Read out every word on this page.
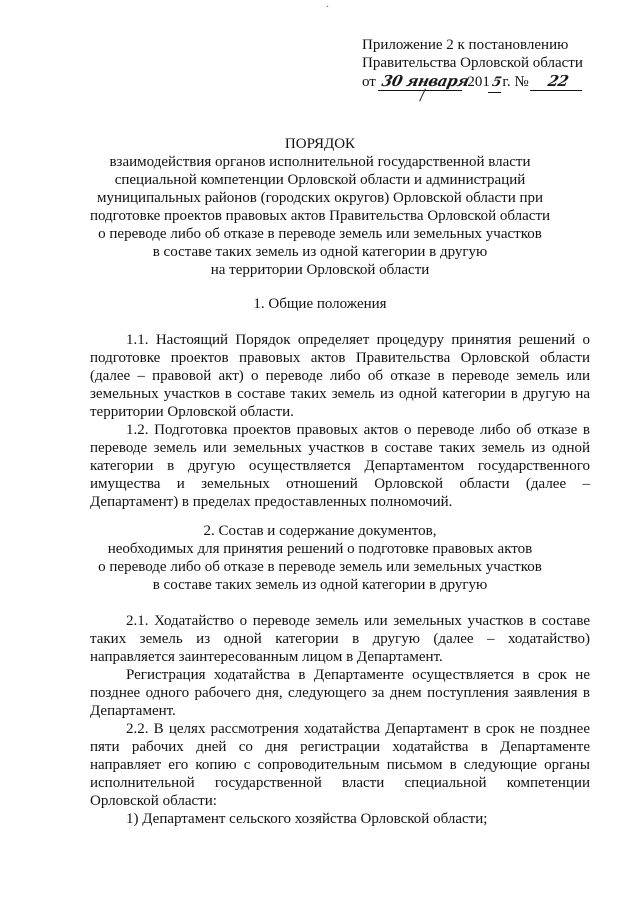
·
Приложение 2 к постановлению
Правительства Орловской области
от 30 января 2015г. № 22
ПОРЯДОК
взаимодействия органов исполнительной государственной власти
специальной компетенции Орловской области и администраций
муниципальных районов (городских округов) Орловской области при
подготовке проектов правовых актов Правительства Орловской области
о переводе либо об отказе в переводе земель или земельных участков
в составе таких земель из одной категории в другую
на территории Орловской области
1. Общие положения

1.1. Настоящий Порядок определяет процедуру принятия решений о подготовке проектов правовых актов Правительства Орловской области (далее – правовой акт) о переводе либо об отказе в переводе земель или земельных участков в составе таких земель из одной категории в другую на территории Орловской области.

1.2. Подготовка проектов правовых актов о переводе либо об отказе в переводе земель или земельных участков в составе таких земель из одной категории в другую осуществляется Департаментом государственного имущества и земельных отношений Орловской области (далее – Департамент) в пределах предоставленных полномочий.

2. Состав и содержание документов,
необходимых для принятия решений о подготовке правовых актов
о переводе либо об отказе в переводе земель или земельных участков
в составе таких земель из одной категории в другую

2.1. Ходатайство о переводе земель или земельных участков в составе таких земель из одной категории в другую (далее – ходатайство) направляется заинтересованным лицом в Департамент.

Регистрация ходатайства в Департаменте осуществляется в срок не позднее одного рабочего дня, следующего за днем поступления заявления в Департамент.

2.2. В целях рассмотрения ходатайства Департамент в срок не позднее пяти рабочих дней со дня регистрации ходатайства в Департаменте направляет его копию с сопроводительным письмом в следующие органы исполнительной государственной власти специальной компетенции Орловской области:

1) Департамент сельского хозяйства Орловской области;
